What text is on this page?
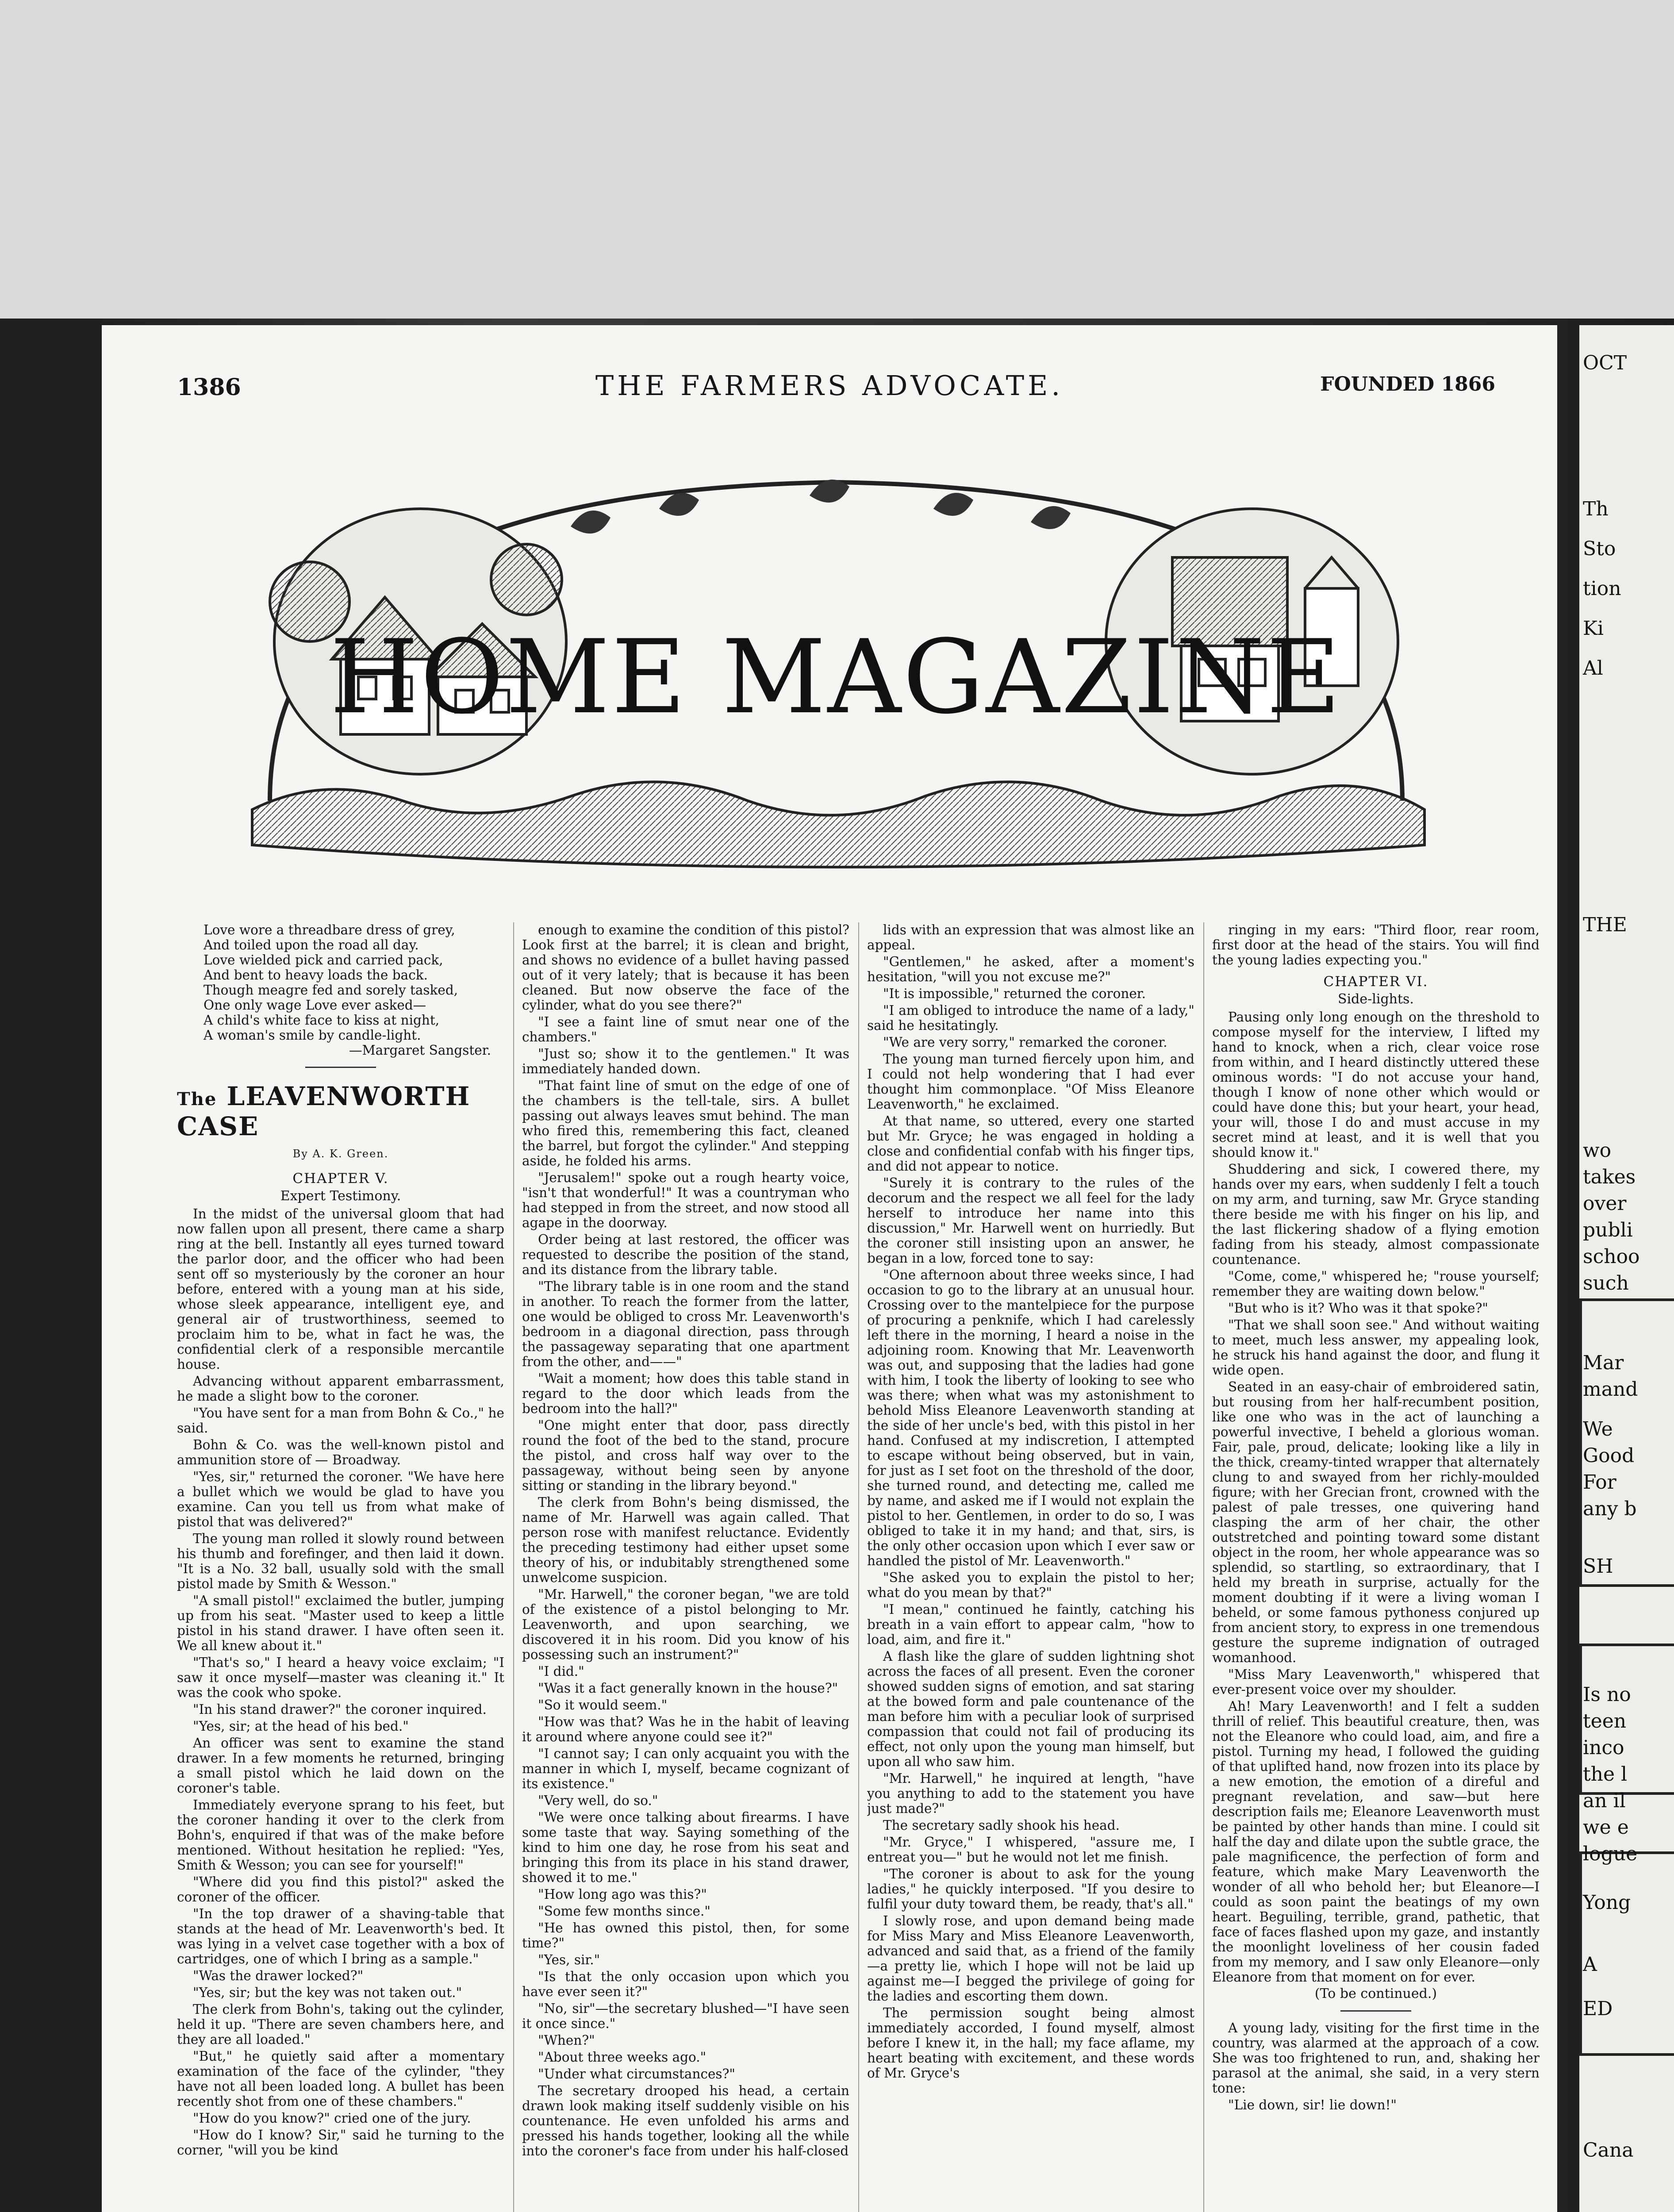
1386	THE FARMERS ADVOCATE.	FOUNDED 1866
HOME MAGAZINE

Love wore a threadbare dress of grey,

And toiled upon the road all day.

Love wielded pick and carried pack,

And bent to heavy loads the back.

Though meagre fed and sorely tasked,

One only wage Love ever asked—

A child's white face to kiss at night,

A woman's smile by candle-light.

—Margaret Sangster.

The LEAVENWORTH CASE
By A. K. Green.
CHAPTER V.
Expert Testimony.

In the midst of the universal gloom that had now fallen upon all present, there came a sharp ring at the bell. Instantly all eyes turned toward the parlor door, and the officer who had been sent off so mysteriously by the coroner an hour before, entered with a young man at his side, whose sleek appearance, intelligent eye, and general air of trustworthiness, seemed to proclaim him to be, what in fact he was, the confidential clerk of a responsible mercantile house.

Advancing without apparent embarrassment, he made a slight bow to the coroner.

"You have sent for a man from Bohn & Co.," he said.

Bohn & Co. was the well-known pistol and ammunition store of — Broadway.

"Yes, sir," returned the coroner. "We have here a bullet which we would be glad to have you examine. Can you tell us from what make of pistol that was delivered?"

The young man rolled it slowly round between his thumb and forefinger, and then laid it down. "It is a No. 32 ball, usually sold with the small pistol made by Smith & Wesson."

"A small pistol!" exclaimed the butler, jumping up from his seat. "Master used to keep a little pistol in his stand drawer. I have often seen it. We all knew about it."

"That's so," I heard a heavy voice exclaim; "I saw it once myself—master was cleaning it." It was the cook who spoke.

"In his stand drawer?" the coroner inquired.

"Yes, sir; at the head of his bed."

An officer was sent to examine the stand drawer. In a few moments he returned, bringing a small pistol which he laid down on the coroner's table.

Immediately everyone sprang to his feet, but the coroner handing it over to the clerk from Bohn's, enquired if that was of the make before mentioned. Without hesitation he replied: "Yes, Smith & Wesson; you can see for yourself!"

"Where did you find this pistol?" asked the coroner of the officer.

"In the top drawer of a shaving-table that stands at the head of Mr. Leavenworth's bed. It was lying in a velvet case together with a box of cartridges, one of which I bring as a sample."

"Was the drawer locked?"

"Yes, sir; but the key was not taken out."

The clerk from Bohn's, taking out the cylinder, held it up. "There are seven chambers here, and they are all loaded."

"But," he quietly said after a momentary examination of the face of the cylinder, "they have not all been loaded long. A bullet has been recently shot from one of these chambers."

"How do you know?" cried one of the jury.

"How do I know? Sir," said he turning to the corner, "will you be kind

enough to examine the condition of this pistol? Look first at the barrel; it is clean and bright, and shows no evidence of a bullet having passed out of it very lately; that is because it has been cleaned. But now observe the face of the cylinder, what do you see there?"

"I see a faint line of smut near one of the chambers."

"Just so; show it to the gentlemen." It was immediately handed down.

"That faint line of smut on the edge of one of the chambers is the tell-tale, sirs. A bullet passing out always leaves smut behind. The man who fired this, remembering this fact, cleaned the barrel, but forgot the cylinder." And stepping aside, he folded his arms.

"Jerusalem!" spoke out a rough hearty voice, "isn't that wonderful!" It was a countryman who had stepped in from the street, and now stood all agape in the doorway.

Order being at last restored, the officer was requested to describe the position of the stand, and its distance from the library table.

"The library table is in one room and the stand in another. To reach the former from the latter, one would be obliged to cross Mr. Leavenworth's bedroom in a diagonal direction, pass through the passageway separating that one apartment from the other, and——"

"Wait a moment; how does this table stand in regard to the door which leads from the bedroom into the hall?"

"One might enter that door, pass directly round the foot of the bed to the stand, procure the pistol, and cross half way over to the passageway, without being seen by anyone sitting or standing in the library beyond."

The clerk from Bohn's being dismissed, the name of Mr. Harwell was again called. That person rose with manifest reluctance. Evidently the preceding testimony had either upset some theory of his, or indubitably strengthened some unwelcome suspicion.

"Mr. Harwell," the coroner began, "we are told of the existence of a pistol belonging to Mr. Leavenworth, and upon searching, we discovered it in his room. Did you know of his possessing such an instrument?"

"I did."

"Was it a fact generally known in the house?"

"So it would seem."

"How was that? Was he in the habit of leaving it around where anyone could see it?"

"I cannot say; I can only acquaint you with the manner in which I, myself, became cognizant of its existence."

"Very well, do so."

"We were once talking about firearms. I have some taste that way. Saying something of the kind to him one day, he rose from his seat and bringing this from its place in his stand drawer, showed it to me."

"How long ago was this?"

"Some few months since."

"He has owned this pistol, then, for some time?"

"Yes, sir."

"Is that the only occasion upon which you have ever seen it?"

"No, sir"—the secretary blushed—"I have seen it once since."

"When?"

"About three weeks ago."

"Under what circumstances?"

The secretary drooped his head, a certain drawn look making itself suddenly visible on his countenance. He even unfolded his arms and pressed his hands together, looking all the while into the coroner's face from under his half-closed

lids with an expression that was almost like an appeal.

"Gentlemen," he asked, after a moment's hesitation, "will you not excuse me?"

"It is impossible," returned the coroner.

"I am obliged to introduce the name of a lady," said he hesitatingly.

"We are very sorry," remarked the coroner.

The young man turned fiercely upon him, and I could not help wondering that I had ever thought him commonplace. "Of Miss Eleanore Leavenworth," he exclaimed.

At that name, so uttered, every one started but Mr. Gryce; he was engaged in holding a close and confidential confab with his finger tips, and did not appear to notice.

"Surely it is contrary to the rules of the decorum and the respect we all feel for the lady herself to introduce her name into this discussion," Mr. Harwell went on hurriedly. But the coroner still insisting upon an answer, he began in a low, forced tone to say:

"One afternoon about three weeks since, I had occasion to go to the library at an unusual hour. Crossing over to the mantelpiece for the purpose of procuring a penknife, which I had carelessly left there in the morning, I heard a noise in the adjoining room. Knowing that Mr. Leavenworth was out, and supposing that the ladies had gone with him, I took the liberty of looking to see who was there; when what was my astonishment to behold Miss Eleanore Leavenworth standing at the side of her uncle's bed, with this pistol in her hand. Confused at my indiscretion, I attempted to escape without being observed, but in vain, for just as I set foot on the threshold of the door, she turned round, and detecting me, called me by name, and asked me if I would not explain the pistol to her. Gentlemen, in order to do so, I was obliged to take it in my hand; and that, sirs, is the only other occasion upon which I ever saw or handled the pistol of Mr. Leavenworth."

"She asked you to explain the pistol to her; what do you mean by that?"

"I mean," continued he faintly, catching his breath in a vain effort to appear calm, "how to load, aim, and fire it."

A flash like the glare of sudden lightning shot across the faces of all present. Even the coroner showed sudden signs of emotion, and sat staring at the bowed form and pale countenance of the man before him with a peculiar look of surprised compassion that could not fail of producing its effect, not only upon the young man himself, but upon all who saw him.

"Mr. Harwell," he inquired at length, "have you anything to add to the statement you have just made?"

The secretary sadly shook his head.

"Mr. Gryce," I whispered, "assure me, I entreat you—" but he would not let me finish.

"The coroner is about to ask for the young ladies," he quickly interposed. "If you desire to fulfil your duty toward them, be ready, that's all."

I slowly rose, and upon demand being made for Miss Mary and Miss Eleanore Leavenworth, advanced and said that, as a friend of the family—a pretty lie, which I hope will not be laid up against me—I begged the privilege of going for the ladies and escorting them down.

The permission sought being almost immediately accorded, I found myself, almost before I knew it, in the hall; my face aflame, my heart beating with excitement, and these words of Mr. Gryce's

ringing in my ears: "Third floor, rear room, first door at the head of the stairs. You will find the young ladies expecting you."

CHAPTER VI.
Side-lights.

Pausing only long enough on the threshold to compose myself for the interview, I lifted my hand to knock, when a rich, clear voice rose from within, and I heard distinctly uttered these ominous words: "I do not accuse your hand, though I know of none other which would or could have done this; but your heart, your head, your will, those I do and must accuse in my secret mind at least, and it is well that you should know it."

Shuddering and sick, I cowered there, my hands over my ears, when suddenly I felt a touch on my arm, and turning, saw Mr. Gryce standing there beside me with his finger on his lip, and the last flickering shadow of a flying emotion fading from his steady, almost compassionate countenance.

"Come, come," whispered he; "rouse yourself; remember they are waiting down below."

"But who is it? Who was it that spoke?"

"That we shall soon see." And without waiting to meet, much less answer, my appealing look, he struck his hand against the door, and flung it wide open.

Seated in an easy-chair of embroidered satin, but rousing from her half-recumbent position, like one who was in the act of launching a powerful invective, I beheld a glorious woman. Fair, pale, proud, delicate; looking like a lily in the thick, creamy-tinted wrapper that alternately clung to and swayed from her richly-moulded figure; with her Grecian front, crowned with the palest of pale tresses, one quivering hand clasping the arm of her chair, the other outstretched and pointing toward some distant object in the room, her whole appearance was so splendid, so startling, so extraordinary, that I held my breath in surprise, actually for the moment doubting if it were a living woman I beheld, or some famous pythoness conjured up from ancient story, to express in one tremendous gesture the supreme indignation of outraged womanhood.

"Miss Mary Leavenworth," whispered that ever-present voice over my shoulder.

Ah! Mary Leavenworth! and I felt a sudden thrill of relief. This beautiful creature, then, was not the Eleanore who could load, aim, and fire a pistol. Turning my head, I followed the guiding of that uplifted hand, now frozen into its place by a new emotion, the emotion of a direful and pregnant revelation, and saw—but here description fails me; Eleanore Leavenworth must be painted by other hands than mine. I could sit half the day and dilate upon the subtle grace, the pale magnificence, the perfection of form and feature, which make Mary Leavenworth the wonder of all who behold her; but Eleanore—I could as soon paint the beatings of my own heart. Beguiling, terrible, grand, pathetic, that face of faces flashed upon my gaze, and instantly the moonlight loveliness of her cousin faded from my memory, and I saw only Eleanore—only Eleanore from that moment on for ever.

(To be continued.)

A young lady, visiting for the first time in the country, was alarmed at the approach of a cow. She was too frightened to run, and, shaking her parasol at the animal, she said, in a very stern tone:

"Lie down, sir! lie down!"

OCT
Th
Sto
tion
Ki
Al
THE
wo
takes
over
publi
schoo
such
Mar
mand
We
Good
For
any b
SH
Is no
teen
inco
the l
an il
we e
logue
Yong
A
ED
Cana
